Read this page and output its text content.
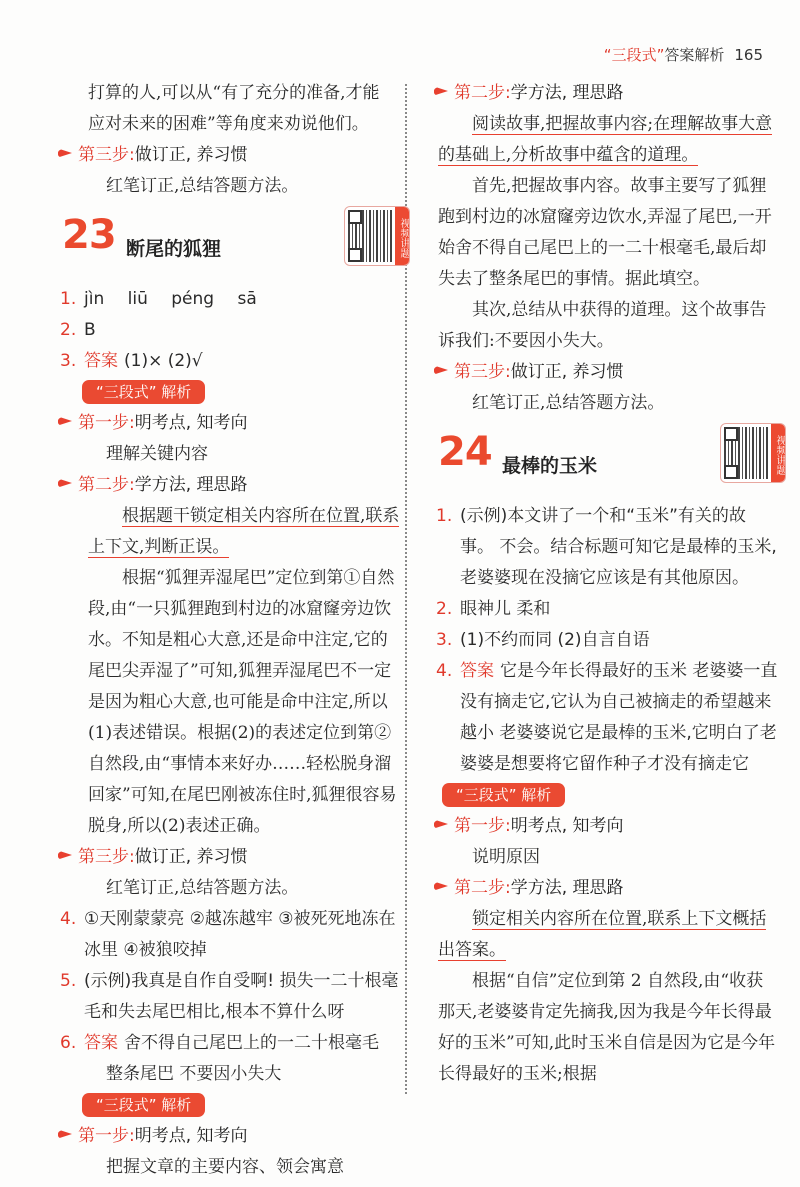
“三段式”答案解析 165

打算的人,可以从“有了充分的准备,才能

应对未来的困难”等角度来劝说他们。

第三步:做订正, 养习惯

红笔订正,总结答题方法。

23 断尾的狐狸	视频讲题
1. jìn liū péng sā
2. B
3. 答案 (1)× (2)√
“三段式” 解析
第一步:明考点, 知考向

理解关键内容

第二步:学方法, 理思路

根据题干锁定相关内容所在位置,联系上下文,判断正误。

根据“狐狸弄湿尾巴”定位到第①自然段,由“一只狐狸跑到村边的冰窟窿旁边饮水。不知是粗心大意,还是命中注定,它的尾巴尖弄湿了”可知,狐狸弄湿尾巴不一定是因为粗心大意,也可能是命中注定,所以(1)表述错误。根据(2)的表述定位到第②自然段,由“事情本来好办……轻松脱身溜回家”可知,在尾巴刚被冻住时,狐狸很容易脱身,所以(2)表述正确。

第三步:做订正, 养习惯

红笔订正,总结答题方法。

4. ①天刚蒙蒙亮 ②越冻越牢 ③被死死地冻在冰里 ④被狼咬掉
5. (示例)我真是自作自受啊! 损失一二十根毫毛和失去尾巴相比,根本不算什么呀
6. 答案 舍不得自己尾巴上的一二十根毫毛

整条尾巴 不要因小失大

“三段式” 解析
第一步:明考点, 知考向

把握文章的主要内容、领会寓意

第二步:学方法, 理思路

阅读故事,把握故事内容;在理解故事大意的基础上,分析故事中蕴含的道理。

首先,把握故事内容。故事主要写了狐狸跑到村边的冰窟窿旁边饮水,弄湿了尾巴,一开始舍不得自己尾巴上的一二十根毫毛,最后却失去了整条尾巴的事情。据此填空。

其次,总结从中获得的道理。这个故事告诉我们:不要因小失大。

第三步:做订正, 养习惯

红笔订正,总结答题方法。

24 最棒的玉米	视频讲题
1. (示例)本文讲了一个和“玉米”有关的故事。 不会。结合标题可知它是最棒的玉米,老婆婆现在没摘它应该是有其他原因。
2. 眼神儿 柔和
3. (1)不约而同 (2)自言自语
4. 答案 它是今年长得最好的玉米 老婆婆一直没有摘走它,它认为自己被摘走的希望越来越小 老婆婆说它是最棒的玉米,它明白了老婆婆是想要将它留作种子才没有摘走它
“三段式” 解析
第一步:明考点, 知考向

说明原因

第二步:学方法, 理思路

锁定相关内容所在位置,联系上下文概括出答案。

根据“自信”定位到第 2 自然段,由“收获那天,老婆婆肯定先摘我,因为我是今年长得最好的玉米”可知,此时玉米自信是因为它是今年长得最好的玉米;根据
